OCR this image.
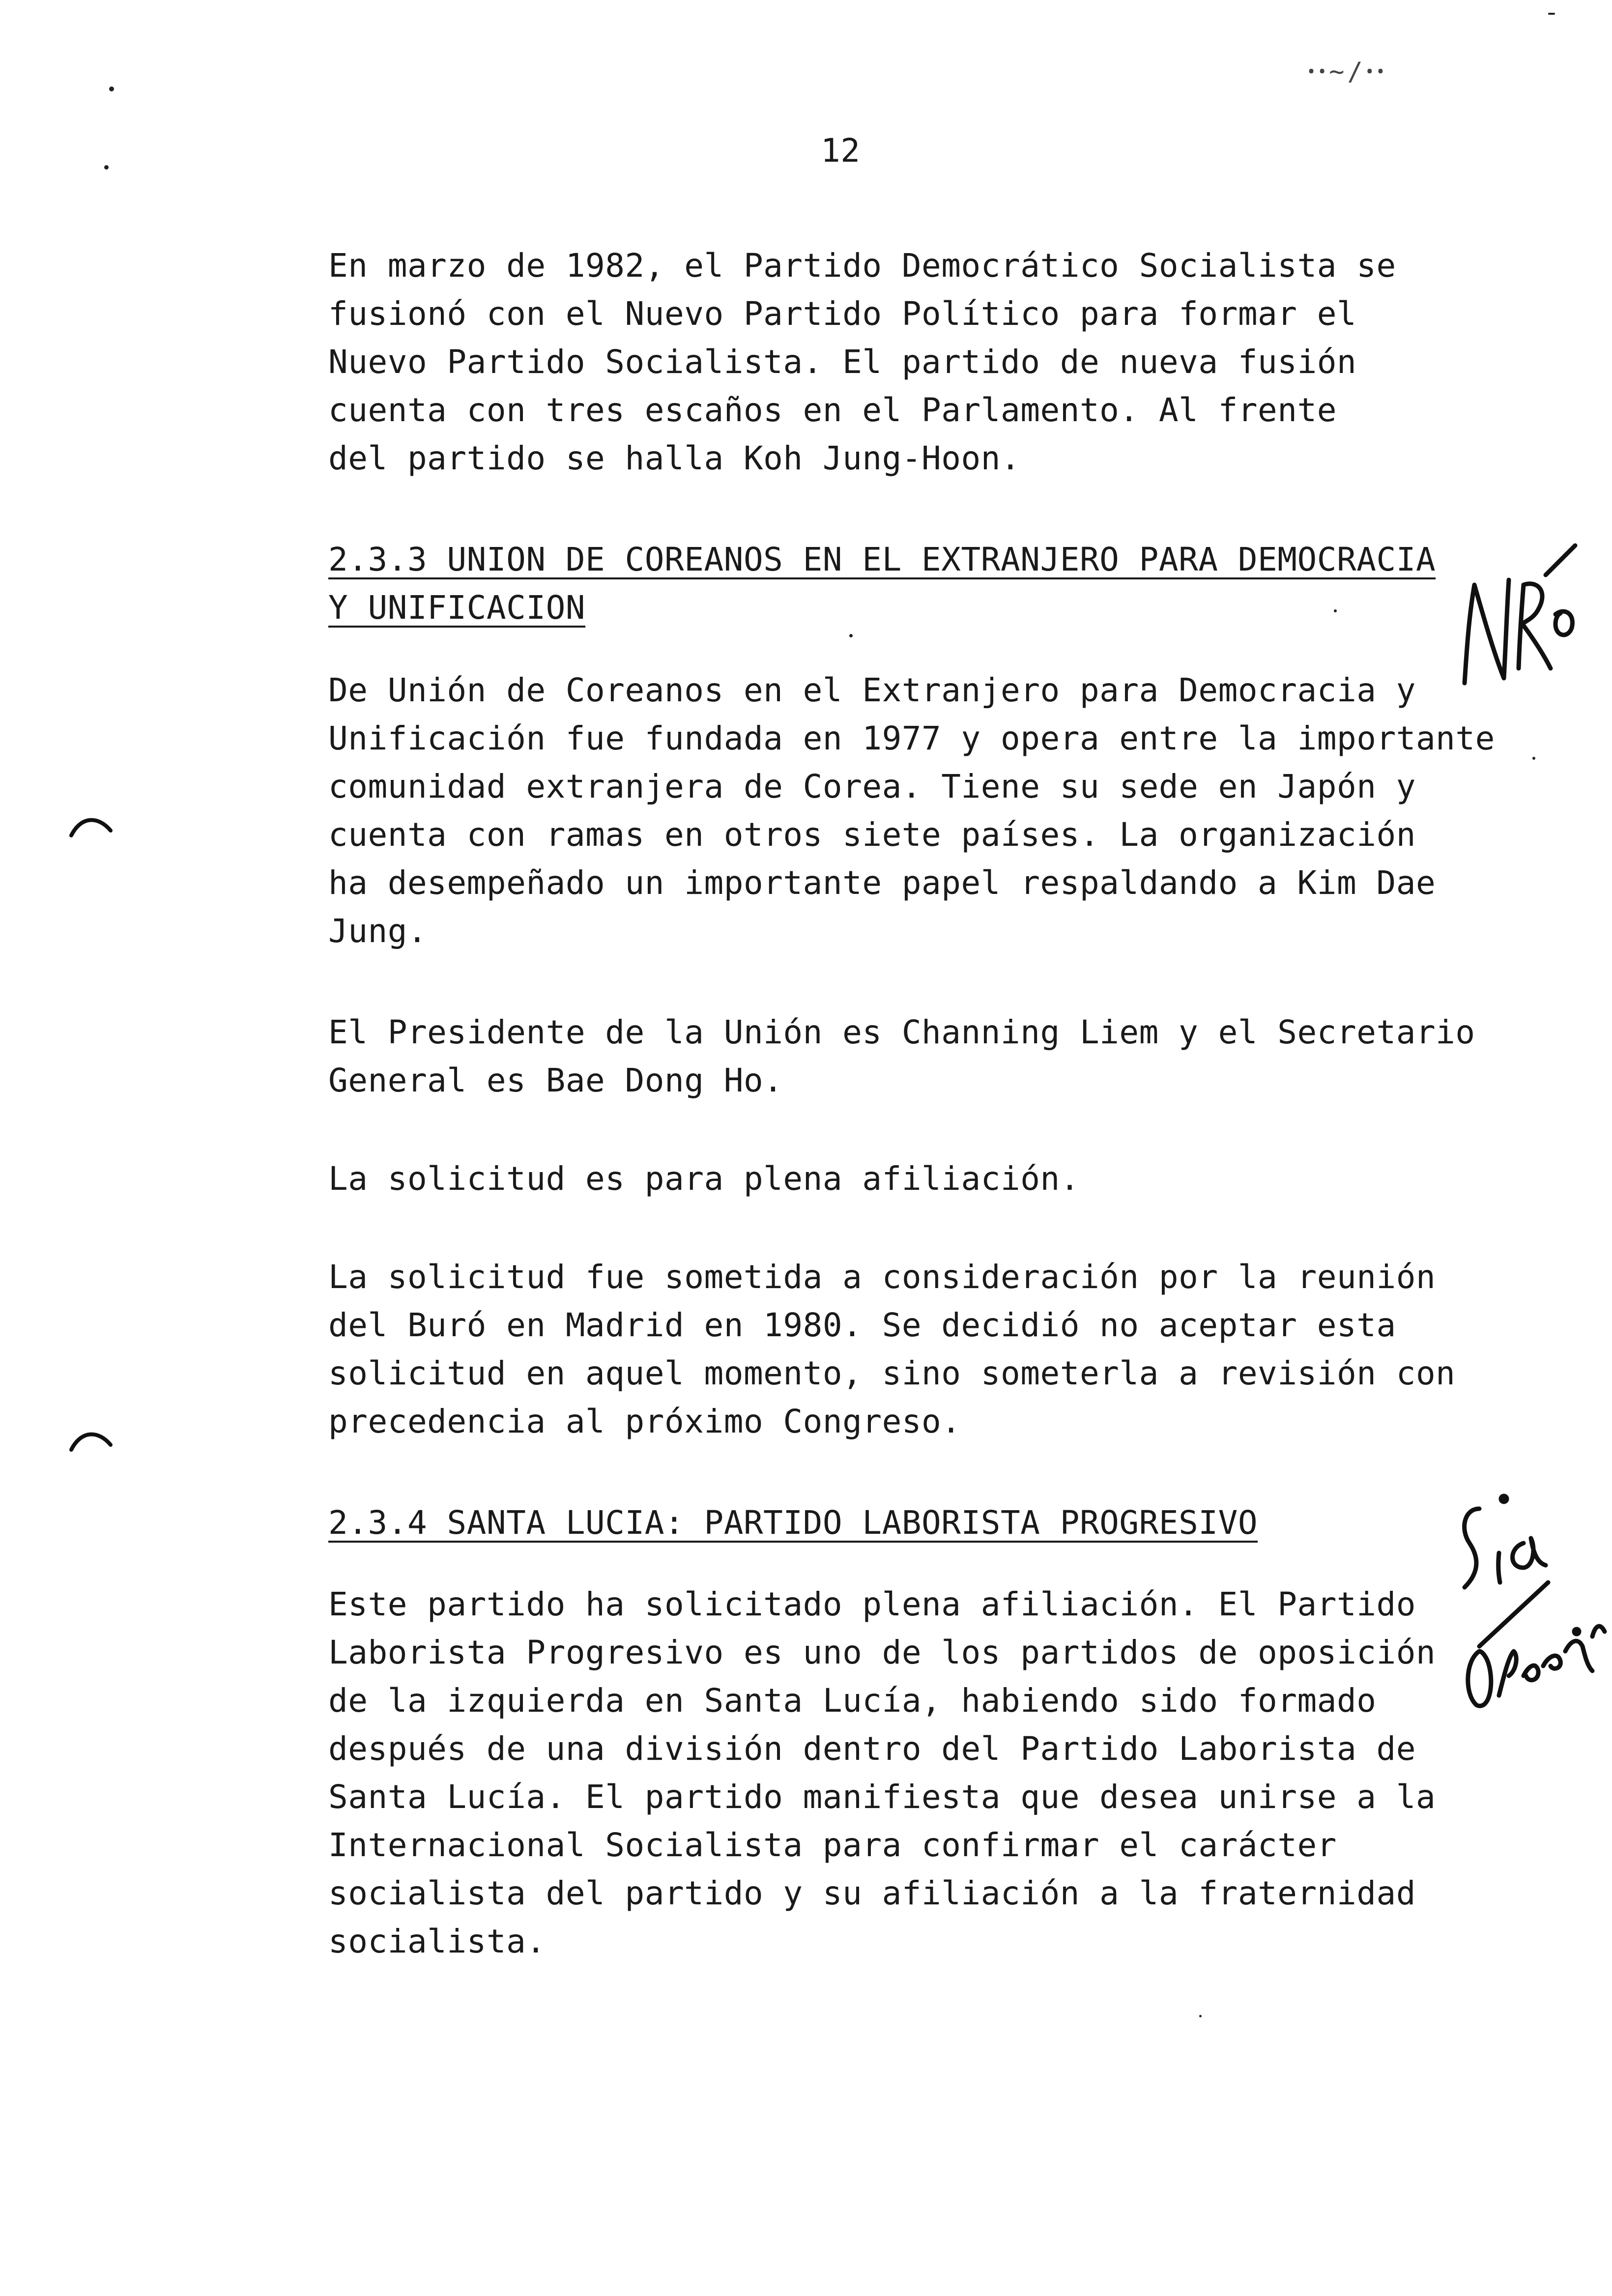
ꞏꞏ~/ꞏꞏ
12
En marzo de 1982, el Partido Democrático Socialista se
fusionó con el Nuevo Partido Político para formar el
Nuevo Partido Socialista. El partido de nueva fusión
cuenta con tres escaños en el Parlamento. Al frente
del partido se halla Koh Jung-Hoon.
2.3.3 UNION DE COREANOS EN EL EXTRANJERO PARA DEMOCRACIA
Y UNIFICACION
De Unión de Coreanos en el Extranjero para Democracia y
Unificación fue fundada en 1977 y opera entre la importante
comunidad extranjera de Corea. Tiene su sede en Japón y
cuenta con ramas en otros siete países. La organización
ha desempeñado un importante papel respaldando a Kim Dae
Jung.
El Presidente de la Unión es Channing Liem y el Secretario
General es Bae Dong Ho.
La solicitud es para plena afiliación.
La solicitud fue sometida a consideración por la reunión
del Buró en Madrid en 1980. Se decidió no aceptar esta
solicitud en aquel momento, sino someterla a revisión con
precedencia al próximo Congreso.
2.3.4 SANTA LUCIA: PARTIDO LABORISTA PROGRESIVO
Este partido ha solicitado plena afiliación. El Partido
Laborista Progresivo es uno de los partidos de oposición
de la izquierda en Santa Lucía, habiendo sido formado
después de una división dentro del Partido Laborista de
Santa Lucía. El partido manifiesta que desea unirse a la
Internacional Socialista para confirmar el carácter
socialista del partido y su afiliación a la fraternidad
socialista.
